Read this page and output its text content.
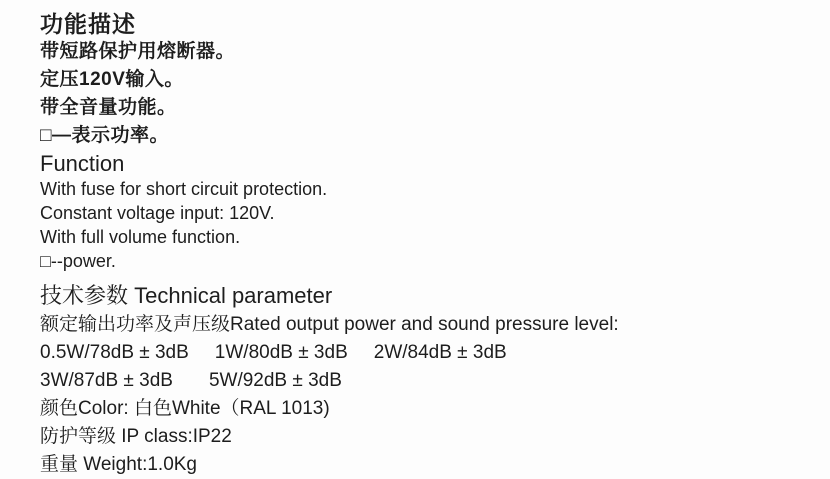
功能描述

带短路保护用熔断器。

定压120V输入。

带全音量功能。

□—表示功率。

Function

With fuse for short circuit protection.

Constant voltage input: 120V.

With full volume function.

□--power.

技术参数 Technical parameter

额定输出功率及声压级Rated output power and sound pressure level:

0.5W/78dB ± 3dB 1W/80dB ± 3dB 2W/84dB ± 3dB
3W/87dB ± 3dB 5W/92dB ± 3dB

颜色Color: 白色White（RAL 1013)

防护等级 IP class:IP22

重量 Weight:1.0Kg
